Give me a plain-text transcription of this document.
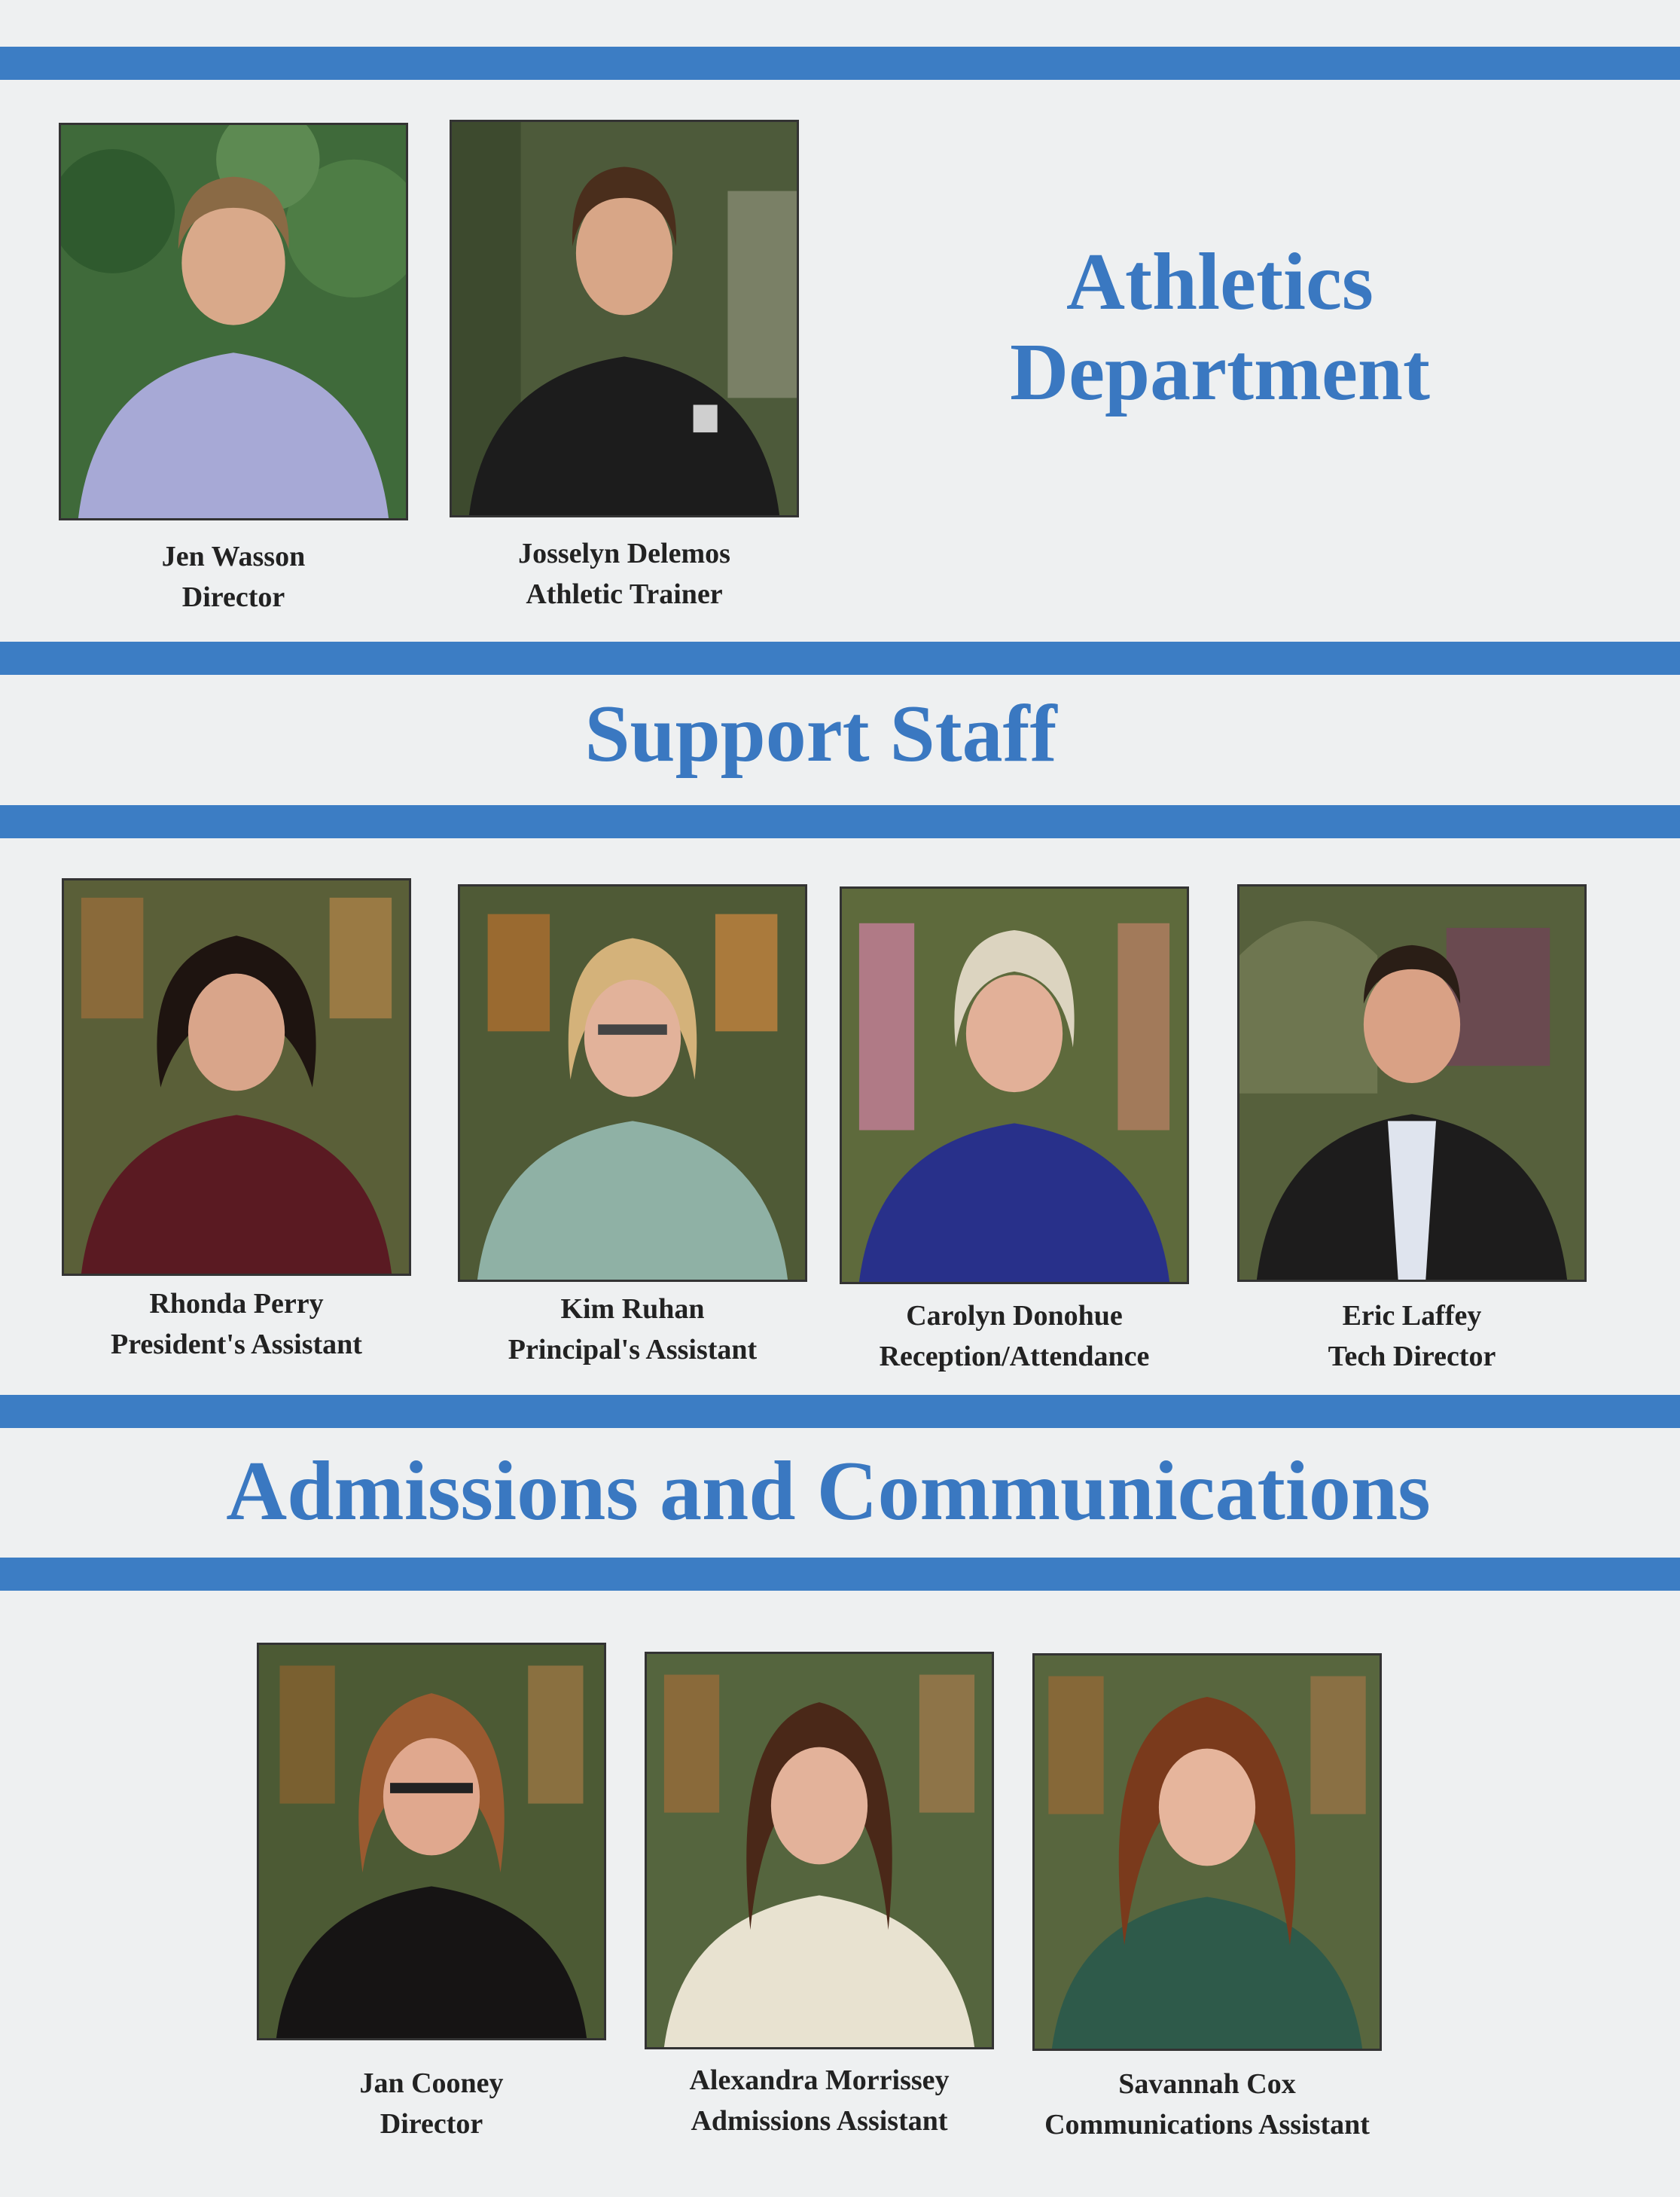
Athletics
Department
Jen Wasson
Director
Josselyn Delemos
Athletic Trainer
Support Staff
Rhonda Perry
President's Assistant
Kim Ruhan
Principal's Assistant
Carolyn Donohue
Reception/Attendance
Eric Laffey
Tech Director
Admissions and Communications
Jan Cooney
Director
Alexandra Morrissey
Admissions Assistant
Savannah Cox
Communications Assistant
